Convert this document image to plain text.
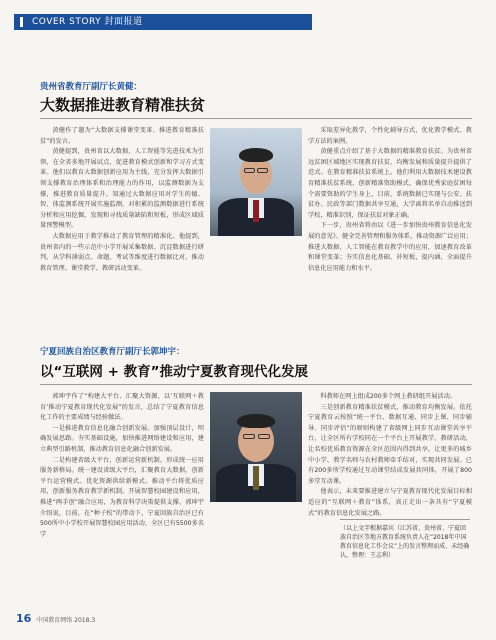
COVER STORY 封面报道
贵州省教育厅副厅长黄健：
大数据推进教育精准扶贫

黄健作了题为“大数据支撑课堂变革、推进教育精准扶贫”的发言。

黄健提到，贵州省以大数据、人工智能等先进技术为引领，在全省多地开展试点，促进教育模式创新和学习方式变革。他们以教育大数据创新应用为主线，充分发挥大数据引领支撑教育治理体系和治理能力的作用，以监测数据为支撑，推进教育质量提升。知通过大数据应用对学生的德、智、体监测系统开展实施监测，对积累的监测数据进行系统分析和应用挖掘，发现和寻找质量缺陷和短板，形成区域质量预警模型。

大数据应用于教学推动了教育管理的精准化。他提到，贵州省内的一些示范中小学开展采集数据、沉淀数据进行研判，从学科薄弱点、命题、考试等维度进行数据比对，推动教育管理、课堂教学、教研活动变革、

采取差异化教学，个性化辅导方式，优化教学模式、教学方法的案例。

黄健重点介绍了基于大数据的精准教育扶贫。为贵州省远贫困区域地区实现教育扶贫，均衡发展和质量提升提供了范式。在教育精准扶贫系统上，他们利用大数据技术建设教育精准扶贫系统，创新精准资助模式，确保优秀家庭贫困每个需要资助的学生身上，目前，系统数据已实现与公安、扶贫办、民政等部门数据共享互通，大学离将名单自动推送到学校，精准识别，保证扶贫对象正确。

下一步，贵州省将由以《进一步加快贵州教育信息化发展的意见》、健全完善管理和服务体系，推动资源广泛应用；推进大数据、人工智能在教育教学中的应用，加速教育改革和课堂变革；夯实信息化基础、补短板，提内涵，全面提升信息化应用能力和水平。

宁夏回族自治区教育厅副厅长郭坤宇：
以“互联网 + 教育”推动宁夏教育现代化发展

郭坤宇作了“构建大平台、汇聚大资源、以‘互联网＋教育’推动宁夏教育现代化发展”的发言，总结了宁夏教育信息化工作的主要成绩与经验做法。

一是推进教育信息化融合创新发展。加强顶层设计，明确发展思路。夯实基础设施，加快推进网络建设和应用，建立典型引路机制，推动教育信息化融合创新发展。

二是构建省级大平台，创新运营新机制。形成统一应用服务新格局。统一建设省级大平台，汇聚教育大数据，创新平台运营模式。优化资源供给新模式。推动平台将优质应用，创新服务教育教学新机制，开展智慧校园建设和应用，推进“两手创”融合应用，为教育科学决策提供支撑。郭坤宇介绍说，目前，在“种子校”的带动下，宁夏回族自治区已有500所中小学校开展智慧校园应用活动，全区已有5500多名学

科教师在网上组成200多个网上教研组开展活动。

三是创新教育精准扶贫模式，推动教育均衡发展。依托宁夏教育云按照“统一平台、数据互通、同步上课、同步辅导、同步评估”的原则构建了省级网上同步互动课堂共享平台，让全区所有学校同在一个平台上开展教学、教研活动，让名校优质教育资源在全区范围内得到共享，让更多的城乡中小学、教学名师与农村教师牵手结对，实现共同发展。已有200多所学校通过互动课堂结成发展共同体，开展了800多堂互动课。

他表示，未来要推进建立与宁夏教育现代化发展目标相适应的“互联网＋教育”体系，真正走出一条具有“宁夏模式”的教育信息化发展之路。

（以上文字根据嘉宾（江苏省、贵州省、宁夏回族自治区等地方教育系统负责人在“2018年中国教育信息化工作会议”上的发言整理而成，未经确认，整理：王志利）
16 中国教育网络 2018.3
